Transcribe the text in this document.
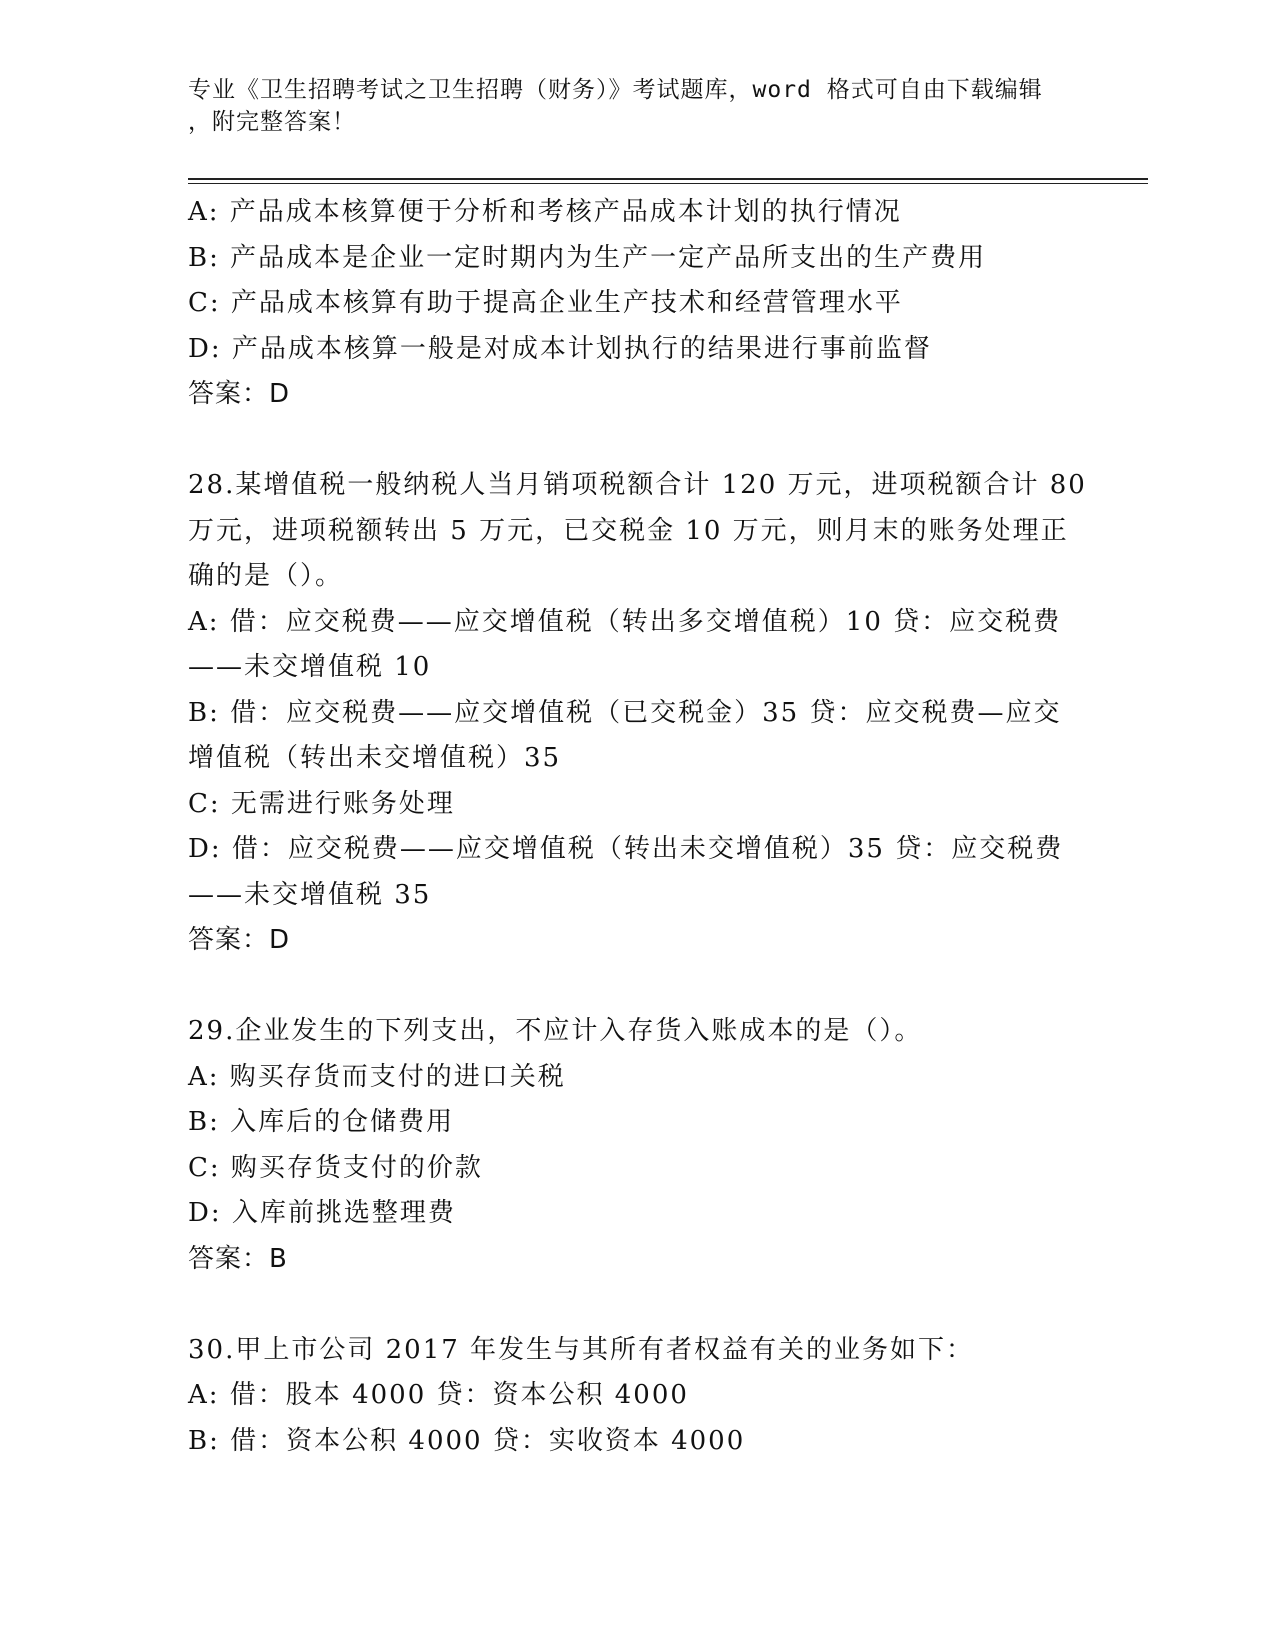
专业《卫生招聘考试之卫生招聘（财务）》考试题库，word 格式可自由下载编辑
，附完整答案！
A: 产品成本核算便于分析和考核产品成本计划的执行情况
B: 产品成本是企业一定时期内为生产一定产品所支出的生产费用
C: 产品成本核算有助于提高企业生产技术和经营管理水平
D: 产品成本核算一般是对成本计划执行的结果进行事前监督
答案：D
28.某增值税一般纳税人当月销项税额合计 120 万元，进项税额合计 80
万元，进项税额转出 5 万元，已交税金 10 万元，则月末的账务处理正
确的是（）。
A: 借：应交税费——应交增值税（转出多交增值税）10 贷：应交税费
——未交增值税 10
B: 借：应交税费——应交增值税（已交税金）35 贷：应交税费—应交
增值税（转出未交增值税）35
C: 无需进行账务处理
D: 借：应交税费——应交增值税（转出未交增值税）35 贷：应交税费
——未交增值税 35
答案：D
29.企业发生的下列支出，不应计入存货入账成本的是（）。
A: 购买存货而支付的进口关税
B: 入库后的仓储费用
C: 购买存货支付的价款
D: 入库前挑选整理费
答案：B
30.甲上市公司 2017 年发生与其所有者权益有关的业务如下：
A: 借：股本 4000 贷：资本公积 4000
B: 借：资本公积 4000 贷：实收资本 4000
